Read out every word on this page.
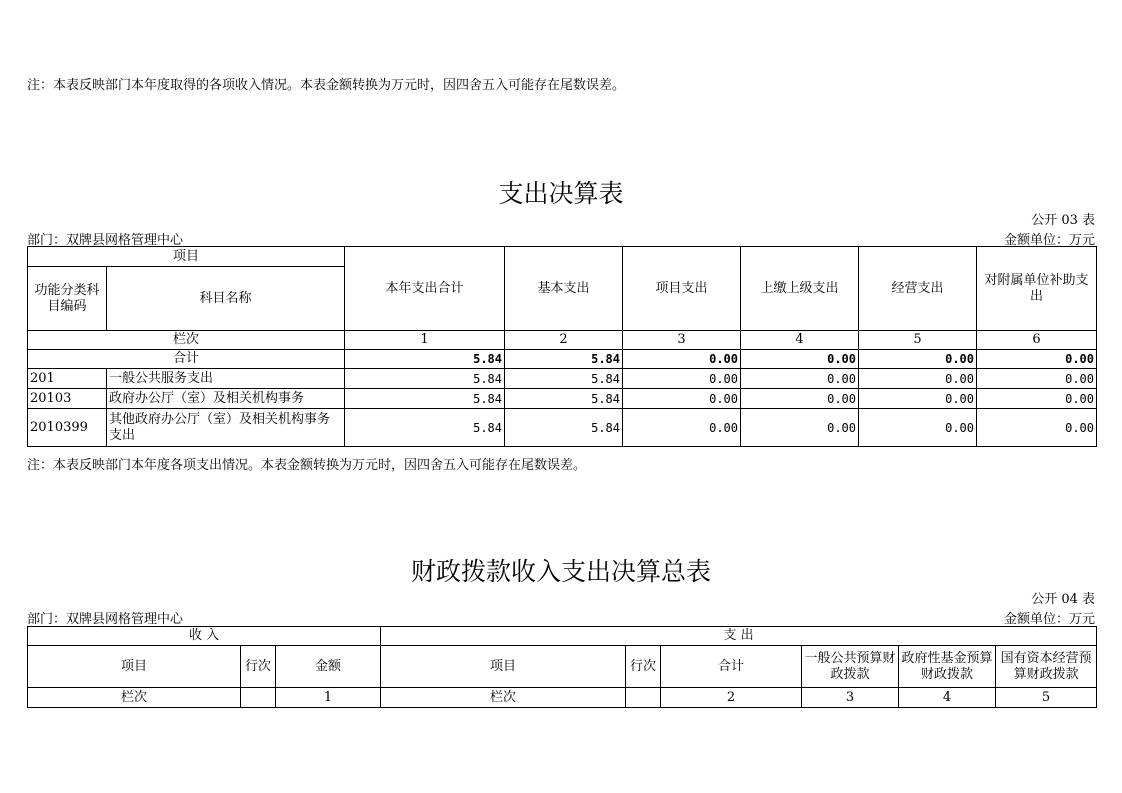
注：本表反映部门本年度取得的各项收入情况。本表金额转换为万元时，因四舍五入可能存在尾数误差。
支出决算表
公开 03 表
部门：双牌县网格管理中心	金额单位：万元
项目		本年支出合计	基本支出	项目支出	上缴上级支出	经营支出	对附属单位补助支出
功能分类科目编码	科目名称						
栏次		1	2	3	4	5	6
合计		5.84	5.84	0.00	0.00	0.00	0.00
201	一般公共服务支出	5.84	5.84	0.00	0.00	0.00	0.00
20103	政府办公厅（室）及相关机构事务	5.84	5.84	0.00	0.00	0.00	0.00
2010399	其他政府办公厅（室）及相关机构事务支出	5.84	5.84	0.00	0.00	0.00	0.00
注：本表反映部门本年度各项支出情况。本表金额转换为万元时，因四舍五入可能存在尾数误差。
财政拨款收入支出决算总表
公开 04 表
部门：双牌县网格管理中心	金额单位：万元
收 入			支 出					
项目	行次	金额	项目	行次	合计	一般公共预算财政拨款	政府性基金预算财政拨款	国有资本经营预算财政拨款
栏次		1	栏次		2	3	4	5
